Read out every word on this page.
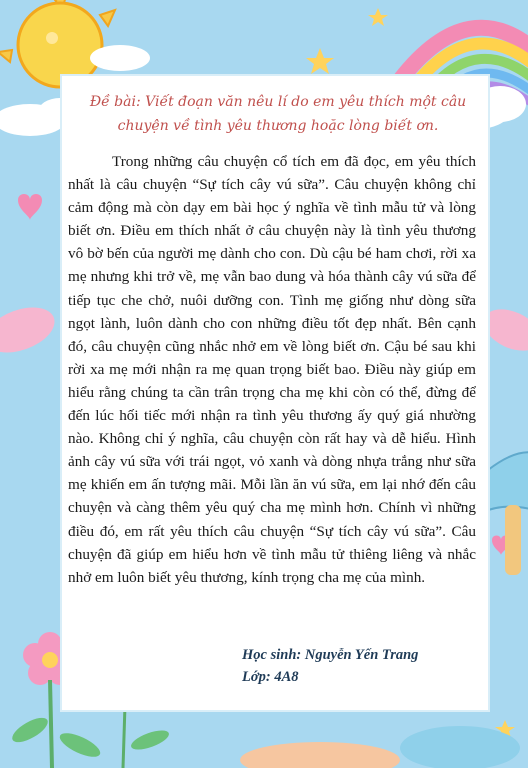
Đề bài: Viết đoạn văn nêu lí do em yêu thích một câu chuyện về tình yêu thương hoặc lòng biết ơn.

Trong những câu chuyện cổ tích em đã đọc, em yêu thích nhất là câu chuyện “Sự tích cây vú sữa”. Câu chuyện không chỉ cảm động mà còn dạy em bài học ý nghĩa về tình mẫu tử và lòng biết ơn. Điều em thích nhất ở câu chuyện này là tình yêu thương vô bờ bến của người mẹ dành cho con. Dù cậu bé ham chơi, rời xa mẹ nhưng khi trở về, mẹ vẫn bao dung và hóa thành cây vú sữa để tiếp tục che chở, nuôi dưỡng con. Tình mẹ giống như dòng sữa ngọt lành, luôn dành cho con những điều tốt đẹp nhất. Bên cạnh đó, câu chuyện cũng nhắc nhở em về lòng biết ơn. Cậu bé sau khi rời xa mẹ mới nhận ra mẹ quan trọng biết bao. Điều này giúp em hiểu rằng chúng ta cần trân trọng cha mẹ khi còn có thể, đừng để đến lúc hối tiếc mới nhận ra tình yêu thương ấy quý giá nhường nào. Không chỉ ý nghĩa, câu chuyện còn rất hay và dễ hiểu. Hình ảnh cây vú sữa với trái ngọt, vỏ xanh và dòng nhựa trắng như sữa mẹ khiến em ấn tượng mãi. Mỗi lần ăn vú sữa, em lại nhớ đến câu chuyện và càng thêm yêu quý cha mẹ mình hơn. Chính vì những điều đó, em rất yêu thích câu chuyện “Sự tích cây vú sữa”. Câu chuyện đã giúp em hiểu hơn về tình mẫu tử thiêng liêng và nhắc nhở em luôn biết yêu thương, kính trọng cha mẹ của mình.

Học sinh: Nguyễn Yến Trang
Lớp: 4A8
